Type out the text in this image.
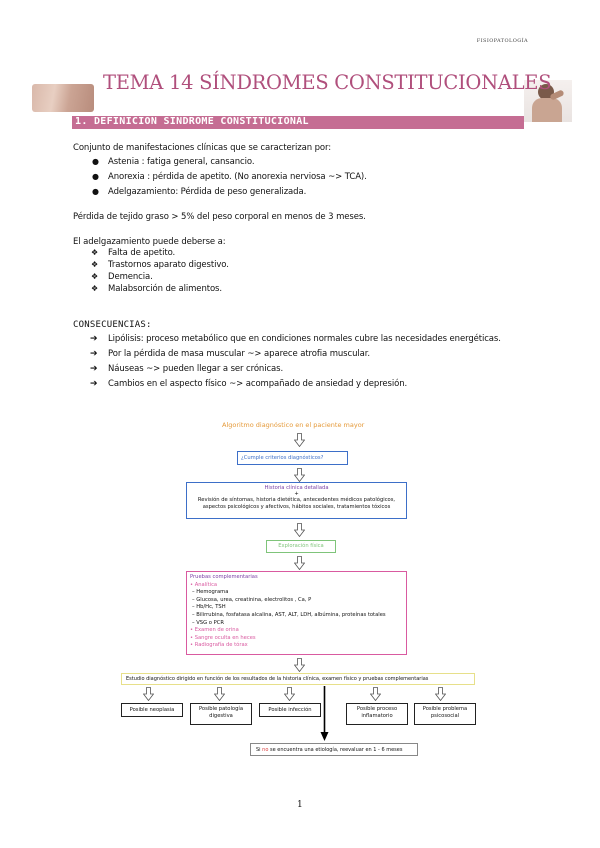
FISIOPATOLOGÍA
TEMA 14 SÍNDROMES CONSTITUCIONALES
1. DEFINICION SINDROME CONSTITUCIONAL
Conjunto de manifestaciones clínicas que se caracterizan por:
● Astenia : fatiga general, cansancio.
● Anorexia : pérdida de apetito. (No anorexia nerviosa ~> TCA).
● Adelgazamiento: Pérdida de peso generalizada.
Pérdida de tejido graso > 5% del peso corporal en menos de 3 meses.
El adelgazamiento puede deberse a:
❖ Falta de apetito.
❖ Trastornos aparato digestivo.
❖ Demencia.
❖ Malabsorción de alimentos.
CONSECUENCIAS:
➔ Lipólisis: proceso metabólico que en condiciones normales cubre las necesidades energéticas.
➔ Por la pérdida de masa muscular ~> aparece atrofia muscular.
➔ Náuseas ~> pueden llegar a ser crónicas.
➔ Cambios en el aspecto físico ~> acompañado de ansiedad y depresión.
Algoritmo diagnóstico en el paciente mayor
¿Cumple criterios diagnósticos?
Historia clínica detallada
+
Revisión de síntomas, historia dietética, antecedentes médicos patológicos,
aspectos psicológicos y afectivos, hábitos sociales, tratamientos tóxicos
Exploración física
Pruebas complementarias
• Analítica
– Hemograma
– Glucosa, urea, creatinina, electrolitos , Ca, P
– Hb/Hc, TSH
– Bilirrubina, fosfatasa alcalina, AST, ALT, LDH, albúmina, proteínas totales
– VSG o PCR
• Examen de orina
• Sangre oculta en heces
• Radiografía de tórax
Estudio diagnóstico dirigido en función de los resultados de la historia clínica, examen físico y pruebas complementarias
Posible neoplasia	Posible patología digestiva
Posible infección	Posible proceso inflamatorio
Posible problema psicosocial
Si no se encuentra una etiología, reevaluar en 1 - 6 meses
1
